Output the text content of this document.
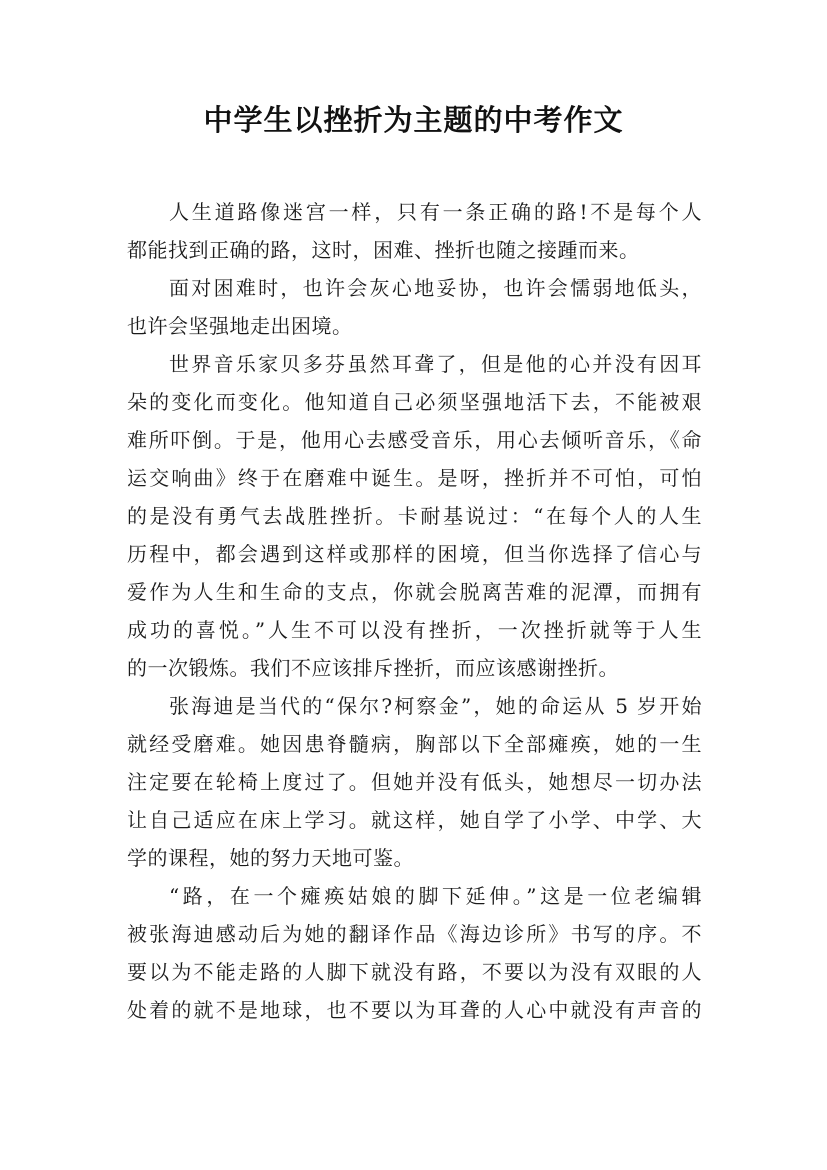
中学生以挫折为主题的中考作文
人生道路像迷宫一样，只有一条正确的路!不是每个人
都能找到正确的路，这时，困难、挫折也随之接踵而来。
面对困难时，也许会灰心地妥协，也许会懦弱地低头，
也许会坚强地走出困境。
世界音乐家贝多芬虽然耳聋了，但是他的心并没有因耳
朵的变化而变化。他知道自己必须坚强地活下去，不能被艰
难所吓倒。于是，他用心去感受音乐，用心去倾听音乐，《命
运交响曲》终于在磨难中诞生。是呀，挫折并不可怕，可怕
的是没有勇气去战胜挫折。卡耐基说过：“在每个人的人生
历程中，都会遇到这样或那样的困境，但当你选择了信心与
爱作为人生和生命的支点，你就会脱离苦难的泥潭，而拥有
成功的喜悦。”人生不可以没有挫折，一次挫折就等于人生
的一次锻炼。我们不应该排斥挫折，而应该感谢挫折。
张海迪是当代的“保尔?柯察金”，她的命运从 5 岁开始
就经受磨难。她因患脊髓病，胸部以下全部瘫痪，她的一生
注定要在轮椅上度过了。但她并没有低头，她想尽一切办法
让自己适应在床上学习。就这样，她自学了小学、中学、大
学的课程，她的努力天地可鉴。
“路，在一个瘫痪姑娘的脚下延伸。”这是一位老编辑
被张海迪感动后为她的翻译作品《海边诊所》书写的序。不
要以为不能走路的人脚下就没有路，不要以为没有双眼的人
处着的就不是地球，也不要以为耳聋的人心中就没有声音的
